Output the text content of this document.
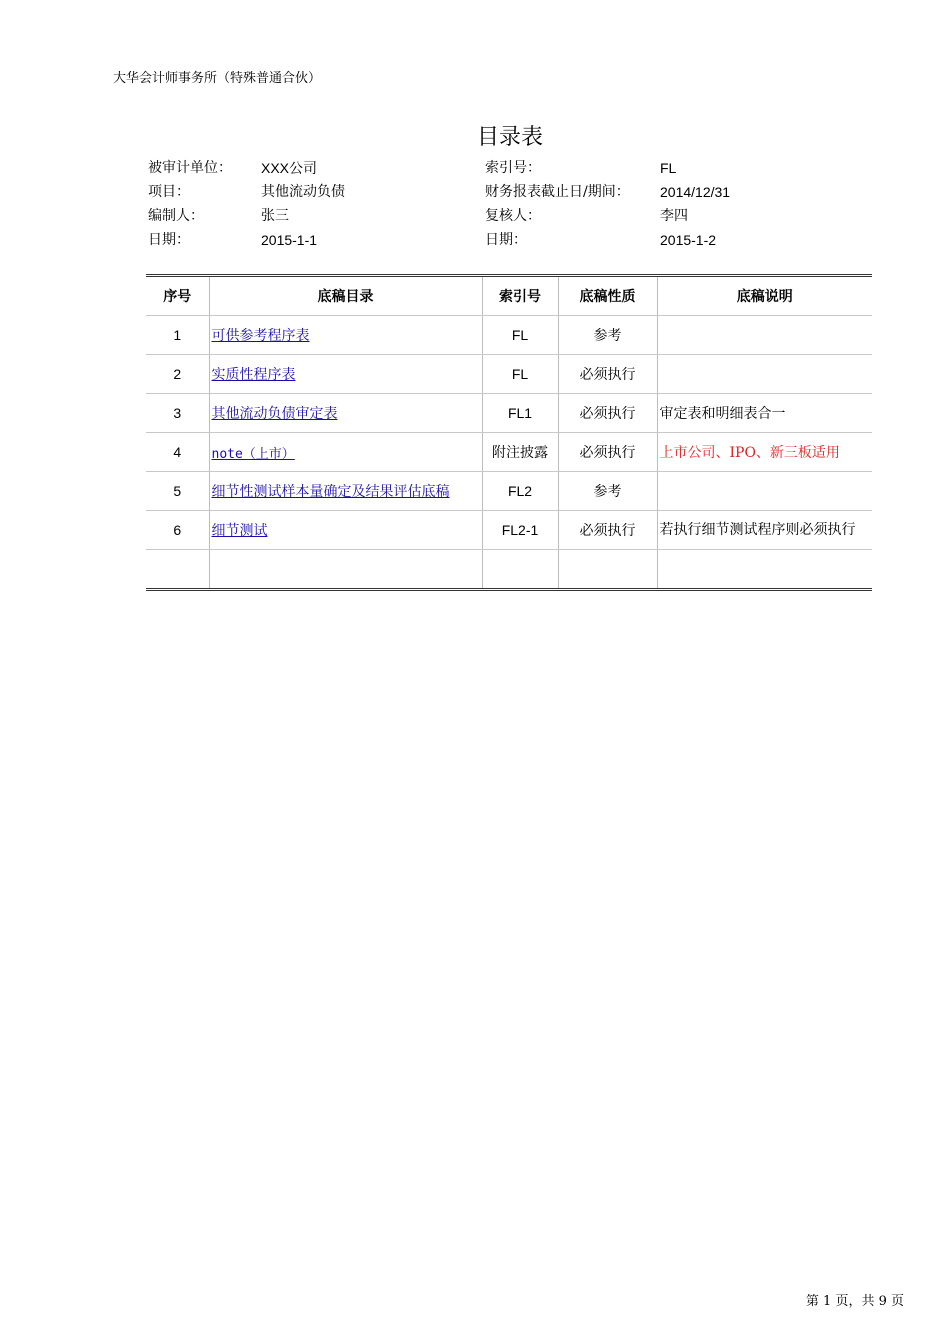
大华会计师事务所（特殊普通合伙）
目录表
被审计单位： XXX公司	索引号：	FL
项目：	其他流动负债	财务报表截止日/期间： 2014/12/31
编制人：	张三	复核人：	李四
日期：	2015-1-1	日期：	2015-1-2
序号	底稿目录	索引号	底稿性质	底稿说明
1	可供参考程序表	FL	参考	
2	实质性程序表	FL	必须执行	
3	其他流动负债审定表	FL1	必须执行	审定表和明细表合一
4	note（上市）	附注披露	必须执行	上市公司、IPO、新三板适用
5	细节性测试样本量确定及结果评估底稿	FL2	参考	
6	细节测试	FL2-1	必须执行	若执行细节测试程序则必须执行

第 1 页，共 9 页
